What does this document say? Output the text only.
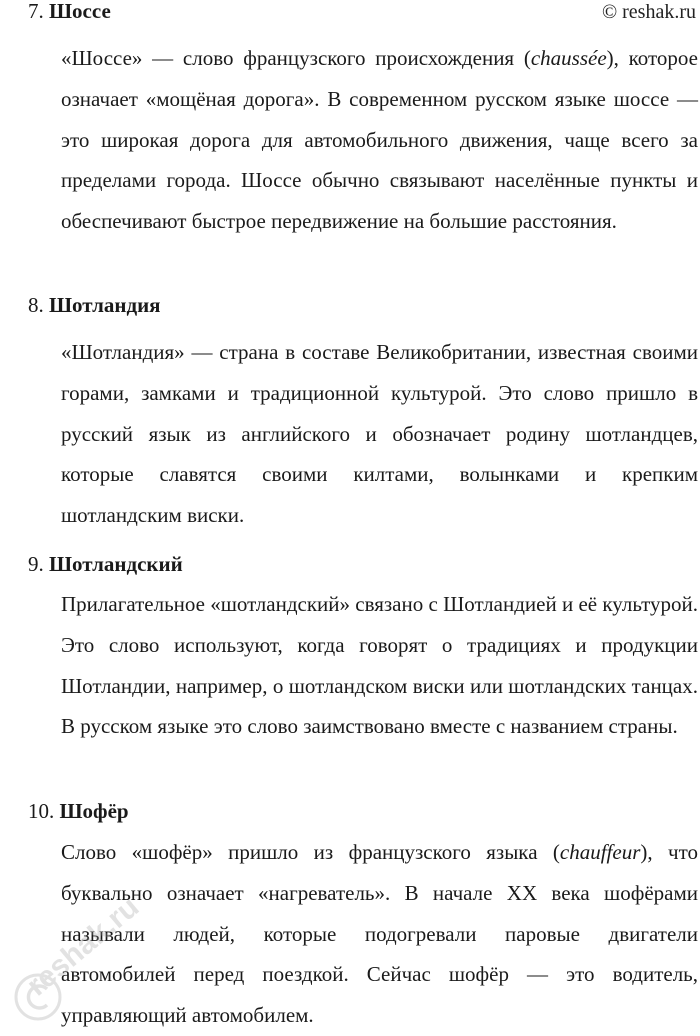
© reshak.ru
7. Шоссе

«Шоссе» — слово французского происхождения (chaussée), которое означает «мощёная дорога». В современном русском языке шоссе — это широкая дорога для автомобильного движения, чаще всего за пределами города. Шоссе обычно связывают населённые пункты и обеспечивают быстрое передвижение на большие расстояния.

8. Шотландия

«Шотландия» — страна в составе Великобритании, известная своими горами, замками и традиционной культурой. Это слово пришло в русский язык из английского и обозначает родину шотландцев, которые славятся своими килтами, волынками и крепким шотландским виски.

9. Шотландский

Прилагательное «шотландский» связано с Шотландией и её культурой. Это слово используют, когда говорят о традициях и продукции Шотландии, например, о шотландском виски или шотландских танцах. В русском языке это слово заимствовано вместе с названием страны.

10. Шофёр

Слово «шофёр» пришло из французского языка (chauffeur), что буквально означает «нагреватель». В начале XX века шофёрами называли людей, которые подогревали паровые двигатели автомобилей перед поездкой. Сейчас шофёр — это водитель, управляющий автомобилем.

reshak.ru
